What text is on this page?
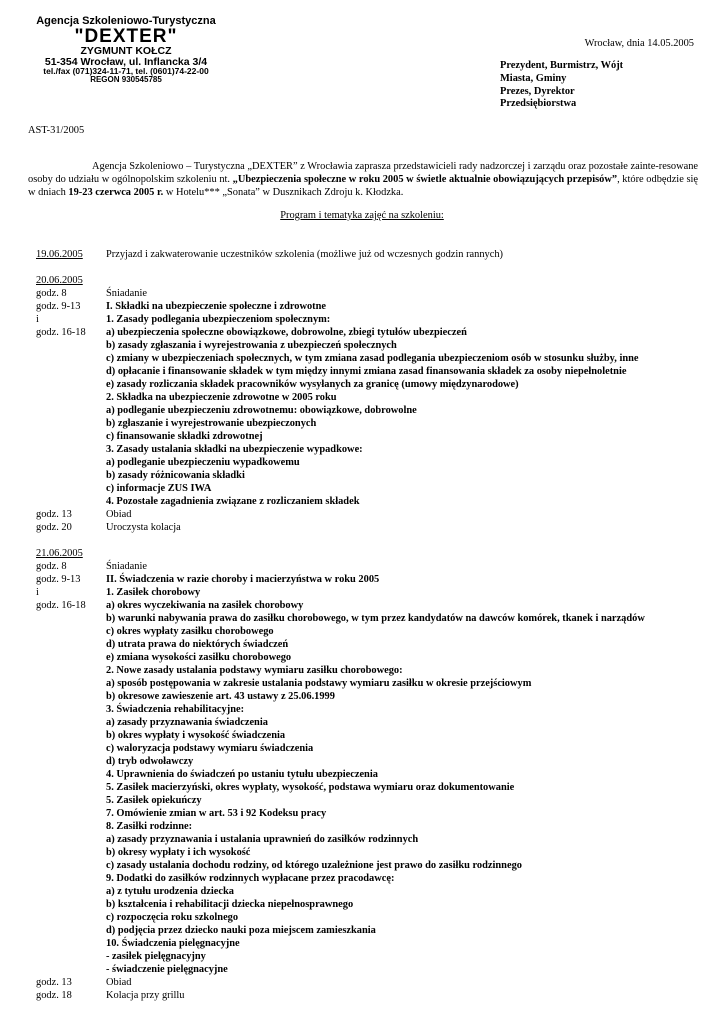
Agencja Szkoleniowo-Turystyczna
"DEXTER"
ZYGMUNT KOŁCZ
51-354 Wrocław, ul. Inflancka 3/4
tel./fax (071)324-11-71, tel. (0601)74-22-00
REGON 930545785
Wrocław, dnia 14.05.2005
Prezydent, Burmistrz, Wójt
Miasta, Gminy
Prezes, Dyrektor
Przedsiębiorstwa
AST-31/2005
Agencja Szkoleniowo – Turystyczna „DEXTER” z Wrocławia zaprasza przedstawicieli rady nadzorczej i zarządu oraz pozostałe zainte-resowane osoby do udziału w ogólnopolskim szkoleniu nt. „Ubezpieczenia społeczne w roku 2005 w świetle aktualnie obowiązujących przepisów”, które odbędzie się w dniach 19-23 czerwca 2005 r. w Hotelu*** „Sonata” w Dusznikach Zdroju k. Kłodzka.
Program i tematyka zajęć na szkoleniu:
19.06.2005	Przyjazd i zakwaterowanie uczestników szkolenia (możliwe już od wczesnych godzin rannych)
20.06.2005
godz. 8	Śniadanie
godz. 9-13	I. Składki na ubezpieczenie społeczne i zdrowotne
i	1. Zasady podlegania ubezpieczeniom społecznym:
godz. 16-18	a) ubezpieczenia społeczne obowiązkowe, dobrowolne, zbiegi tytułów ubezpieczeń
b) zasady zgłaszania i wyrejestrowania z ubezpieczeń społecznych
c) zmiany w ubezpieczeniach społecznych, w tym zmiana zasad podlegania ubezpieczeniom osób w stosunku służby, inne
d) opłacanie i finansowanie składek w tym między innymi zmiana zasad finansowania składek za osoby niepełnoletnie
e) zasady rozliczania składek pracowników wysyłanych za granicę (umowy międzynarodowe)
2. Składka na ubezpieczenie zdrowotne w 2005 roku
a) podleganie ubezpieczeniu zdrowotnemu: obowiązkowe, dobrowolne
b) zgłaszanie i wyrejestrowanie ubezpieczonych
c) finansowanie składki zdrowotnej
3. Zasady ustalania składki na ubezpieczenie wypadkowe:
a) podleganie ubezpieczeniu wypadkowemu
b) zasady różnicowania składki
c) informacje ZUS IWA
4. Pozostałe zagadnienia związane z rozliczaniem składek
godz. 13	Obiad
godz. 20	Uroczysta kolacja
21.06.2005
godz. 8	Śniadanie
godz. 9-13	II. Świadczenia w razie choroby i macierzyństwa w roku 2005
i	1. Zasiłek chorobowy
godz. 16-18	a) okres wyczekiwania na zasiłek chorobowy
b) warunki nabywania prawa do zasiłku chorobowego, w tym przez kandydatów na dawców komórek, tkanek i narządów
c) okres wypłaty zasiłku chorobowego
d) utrata prawa do niektórych świadczeń
e) zmiana wysokości zasiłku chorobowego
2. Nowe zasady ustalania podstawy wymiaru zasiłku chorobowego:
a) sposób postępowania w zakresie ustalania podstawy wymiaru zasiłku w okresie przejściowym
b) okresowe zawieszenie art. 43 ustawy z 25.06.1999
3. Świadczenia rehabilitacyjne:
a) zasady przyznawania świadczenia
b) okres wypłaty i wysokość świadczenia
c) waloryzacja podstawy wymiaru świadczenia
d) tryb odwoławczy
4. Uprawnienia do świadczeń po ustaniu tytułu ubezpieczenia
5. Zasiłek macierzyński, okres wypłaty, wysokość, podstawa wymiaru oraz dokumentowanie
5. Zasiłek opiekuńczy
7. Omówienie zmian w art. 53 i 92 Kodeksu pracy
8. Zasiłki rodzinne:
a) zasady przyznawania i ustalania uprawnień do zasiłków rodzinnych
b) okresy wypłaty i ich wysokość
c) zasady ustalania dochodu rodziny, od którego uzależnione jest prawo do zasiłku rodzinnego
9. Dodatki do zasiłków rodzinnych wypłacane przez pracodawcę:
a) z tytułu urodzenia dziecka
b) kształcenia i rehabilitacji dziecka niepełnosprawnego
c) rozpoczęcia roku szkolnego
d) podjęcia przez dziecko nauki poza miejscem zamieszkania
10. Świadczenia pielęgnacyjne
- zasiłek pielęgnacyjny
- świadczenie pielęgnacyjne
godz. 13	Obiad
godz. 18	Kolacja przy grillu
